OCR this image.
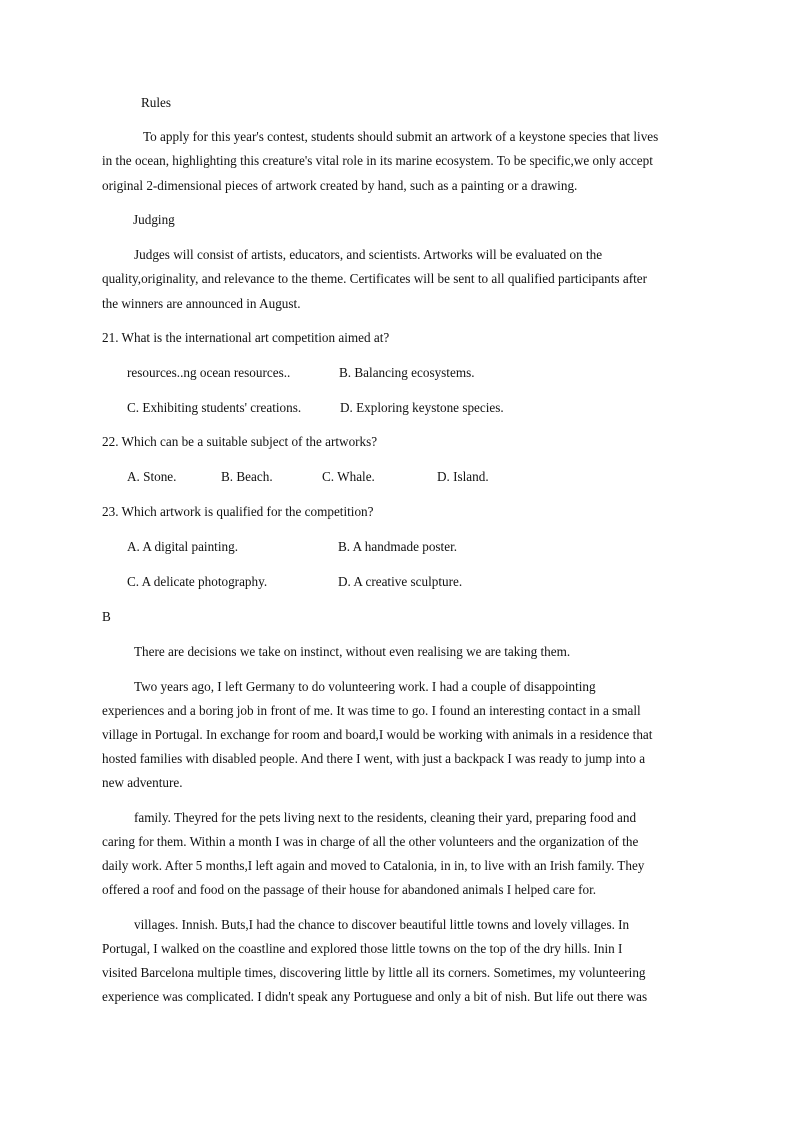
Rules
To apply for this year's contest, students should submit an artwork of a keystone species that lives
in the ocean, highlighting this creature's vital role in its marine ecosystem. To be specific,we only accept
original 2-dimensional pieces of artwork created by hand, such as a painting or a drawing.
Judging
Judges will consist of artists, educators, and scientists. Artworks will be evaluated on the
quality,originality, and relevance to the theme. Certificates will be sent to all qualified participants after
the winners are announced in August.
21. What is the international art competition aimed at?
resources..ng ocean resources..	B. Balancing ecosystems.
C. Exhibiting students' creations.	D. Exploring keystone species.
22. Which can be a suitable subject of the artworks?
A. Stone.	B. Beach.	C. Whale.	D. Island.
23. Which artwork is qualified for the competition?
A. A digital painting.	B. A handmade poster.
C. A delicate photography.	D. A creative sculpture.
B
There are decisions we take on instinct, without even realising we are taking them.
Two years ago, I left Germany to do volunteering work. I had a couple of disappointing
experiences and a boring job in front of me. It was time to go. I found an interesting contact in a small
village in Portugal. In exchange for room and board,I would be working with animals in a residence that
hosted families with disabled people. And there I went, with just a backpack I was ready to jump into a
new adventure.
family. Theyred for the pets living next to the residents, cleaning their yard, preparing food and
caring for them. Within a month I was in charge of all the other volunteers and the organization of the
daily work. After 5 months,I left again and moved to Catalonia, in in, to live with an Irish family. They
offered a roof and food on the passage of their house for abandoned animals I helped care for.
villages. Innish. Buts,I had the chance to discover beautiful little towns and lovely villages. In
Portugal, I walked on the coastline and explored those little towns on the top of the dry hills. Inin I
visited Barcelona multiple times, discovering little by little all its corners. Sometimes, my volunteering
experience was complicated. I didn't speak any Portuguese and only a bit of nish. But life out there was
